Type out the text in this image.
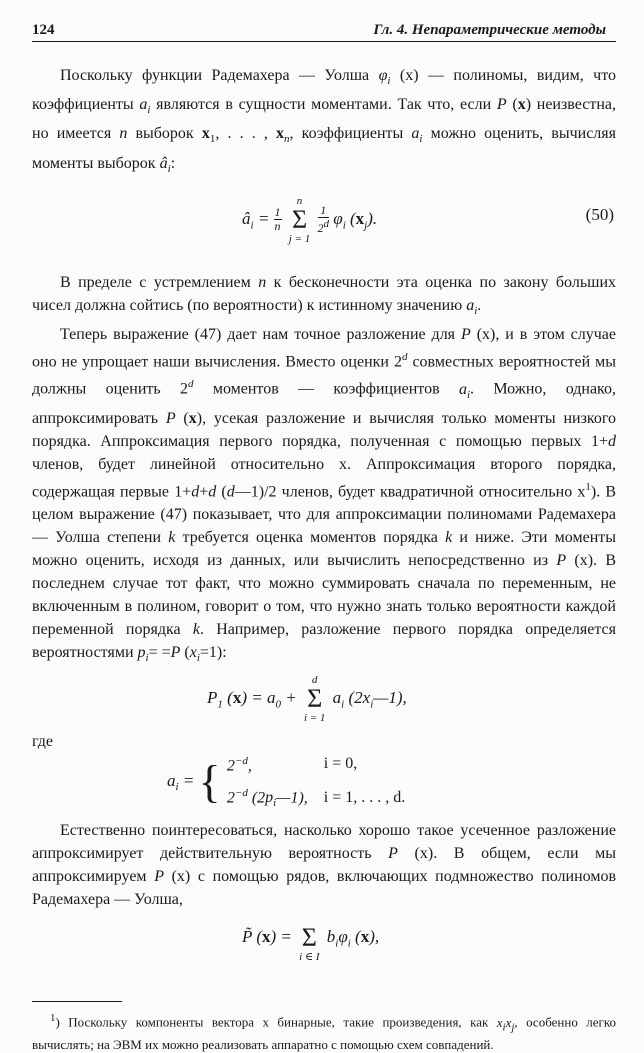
124	Гл. 4. Непараметрические методы

Поскольку функции Радемахера — Уолша $\varphi_i$ (x) — полиномы, видим, что коэффициенты $a_i$ являются в сущности моментами. Так что, если P (x) неизвестна, но имеется n выборок $x_1$, . . . , $x_n$, коэффициенты $a_i$ можно оценить, вычисляя моменты выборок $â_i$:

$â_i = \frac{1}{n}$

n
Σ
j = 1

$\frac{1}{2^d} \varphi_i$ $(x_j)$.	(50)

В пределе с устремлением n к бесконечности эта оценка по закону больших чисел должна сойтись (по вероятности) к истинному значению $a_i$.

Теперь выражение (47) дает нам точное разложение для P (x), и в этом случае оно не упрощает наши вычисления. Вместо оценки 2$^d$ совместных вероятностей мы должны оценить 2$^d$ моментов — коэффициентов $a_i$. Можно, однако, аппроксимировать P (x), усекая разложение и вычисляя только моменты низкого порядка. Аппроксимация первого порядка, полученная с помощью первых 1+d членов, будет линейной относительно x. Аппроксимация второго порядка, содержащая первые 1+d+d (d—1)/2 членов, будет квадратичной относительно $x^1$). В целом выражение (47) показывает, что для аппроксимации полиномами Радемахера — Уолша степени k требуется оценка моментов порядка k и ниже. Эти моменты можно оценить, исходя из данных, или вычислить непосредственно из P (x). В последнем случае тот факт, что можно суммировать сначала по переменным, не включенным в полином, говорит о том, что нужно знать только вероятности каждой переменной порядка k. Например, разложение первого порядка определяется вероятностями $p_i= =P$ $(x_i=1)$:

$P_1$ $(x) = a_0$ +
d
Σ
i = 1
$a_i$ $(2x_i—1)$,

где

$a_i$ = { $2^{-d}$,	i = 0,
$2^{-d}$ $(2p_i—1)$,	i = 1, . . . , d.

Естественно поинтересоваться, насколько хорошо такое усеченное разложение аппроксимирует действительную вероятность P (x). В общем, если мы аппроксимируем P (x) с помощью рядов, включающих подмножество полиномов Радемахера — Уолша,

P̃ (x) =
Σ
i ∈ I
$b_i\varphi_i$ (x),

$^1$) Поскольку компоненты вектора x бинарные, такие произведения, как $x_ix_j$, особенно легко вычислять; на ЭВМ их можно реализовать аппаратно с помощью схем совпадений.
